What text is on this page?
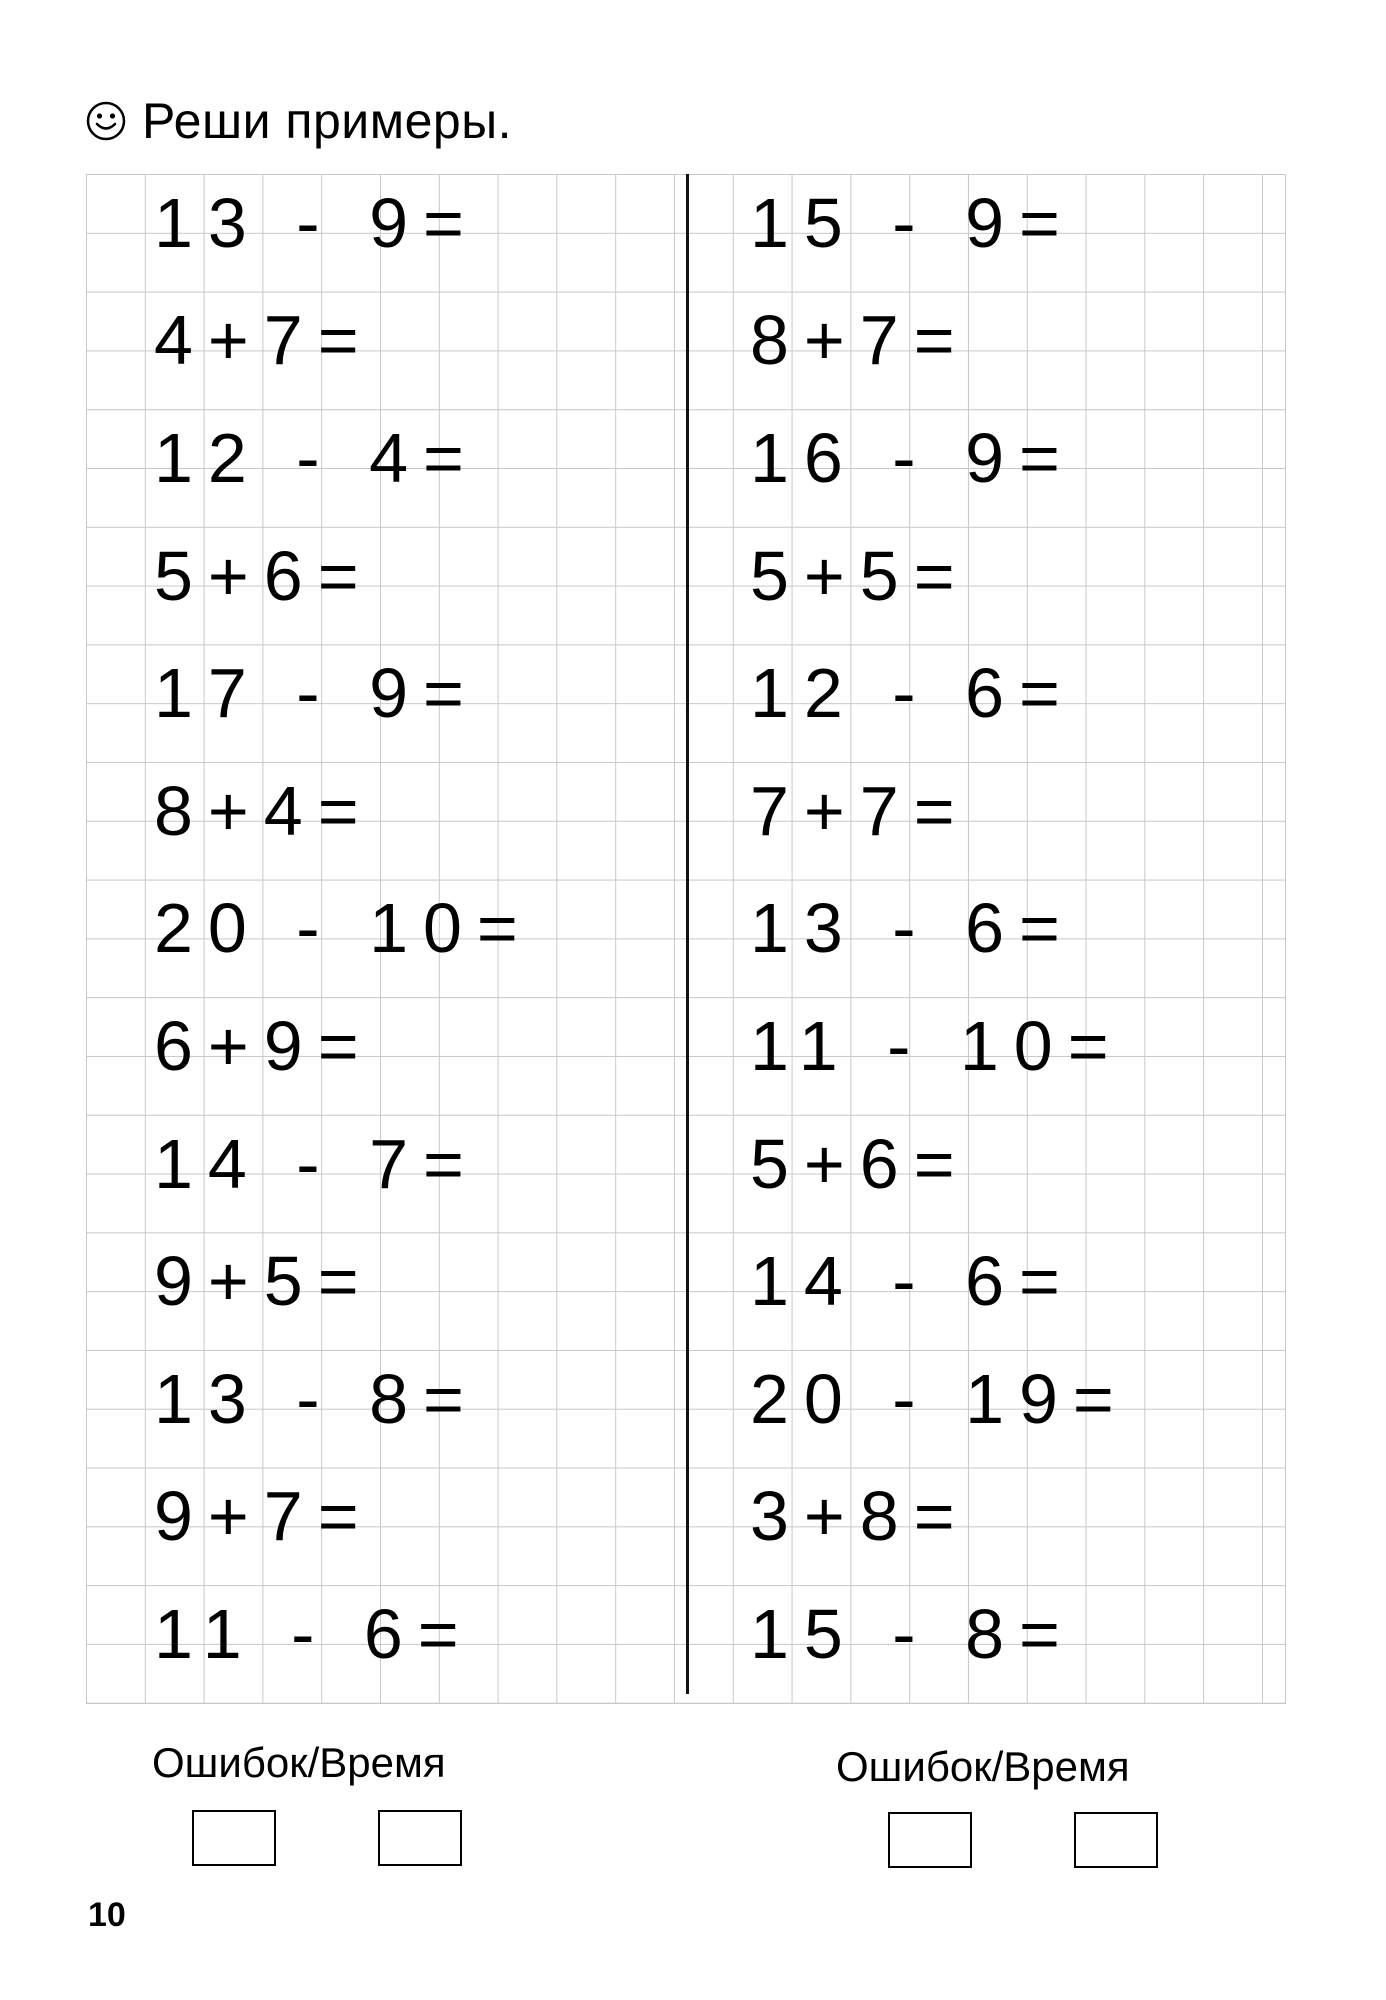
Реши примеры.
13 - 9=
4+7=
12 - 4=
5+6=
17 - 9=
8+4=
20 - 10=
6+9=
14 - 7=
9+5=
13 - 8=
9+7=
11 - 6=
15 - 9=
8+7=
16 - 9=
5+5=
12 - 6=
7+7=
13 - 6=
11 - 10=
5+6=
14 - 6=
20 - 19=
3+8=
15 - 8=
Ошибок/Время	Ошибок/Время
10
